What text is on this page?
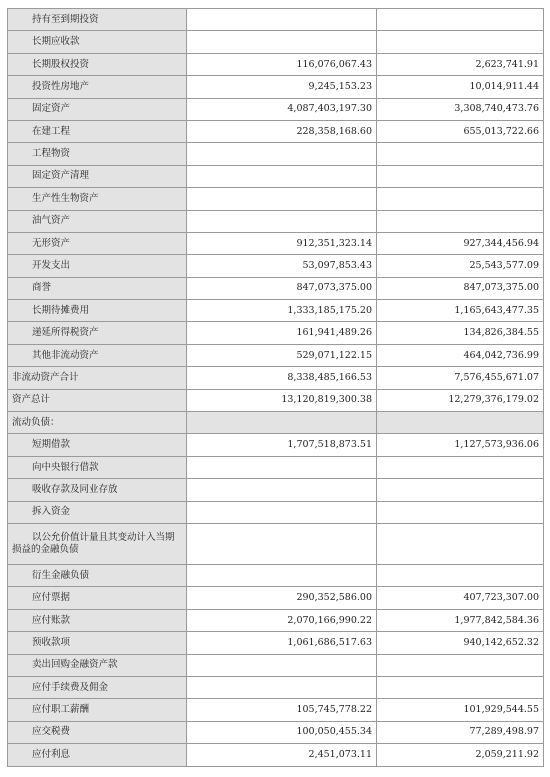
持有至到期投资		
长期应收款		
长期股权投资	116,076,067.43	2,623,741.91
投资性房地产	9,245,153.23	10,014,911.44
固定资产	4,087,403,197.30	3,308,740,473.76
在建工程	228,358,168.60	655,013,722.66
工程物资		
固定资产清理		
生产性生物资产		
油气资产		
无形资产	912,351,323.14	927,344,456.94
开发支出	53,097,853.43	25,543,577.09
商誉	847,073,375.00	847,073,375.00
长期待摊费用	1,333,185,175.20	1,165,643,477.35
递延所得税资产	161,941,489.26	134,826,384.55
其他非流动资产	529,071,122.15	464,042,736.99
非流动资产合计	8,338,485,166.53	7,576,455,671.07
资产总计	13,120,819,300.38	12,279,376,179.02
流动负债：		
短期借款	1,707,518,873.51	1,127,573,936.06
向中央银行借款		
吸收存款及同业存放		
拆入资金		
以公允价值计量且其变动计入当期损益的金融负债		
衍生金融负债		
应付票据	290,352,586.00	407,723,307.00
应付账款	2,070,166,990.22	1,977,842,584.36
预收款项	1,061,686,517.63	940,142,652.32
卖出回购金融资产款		
应付手续费及佣金		
应付职工薪酬	105,745,778.22	101,929,544.55
应交税费	100,050,455.34	77,289,498.97
应付利息	2,451,073.11	2,059,211.92
